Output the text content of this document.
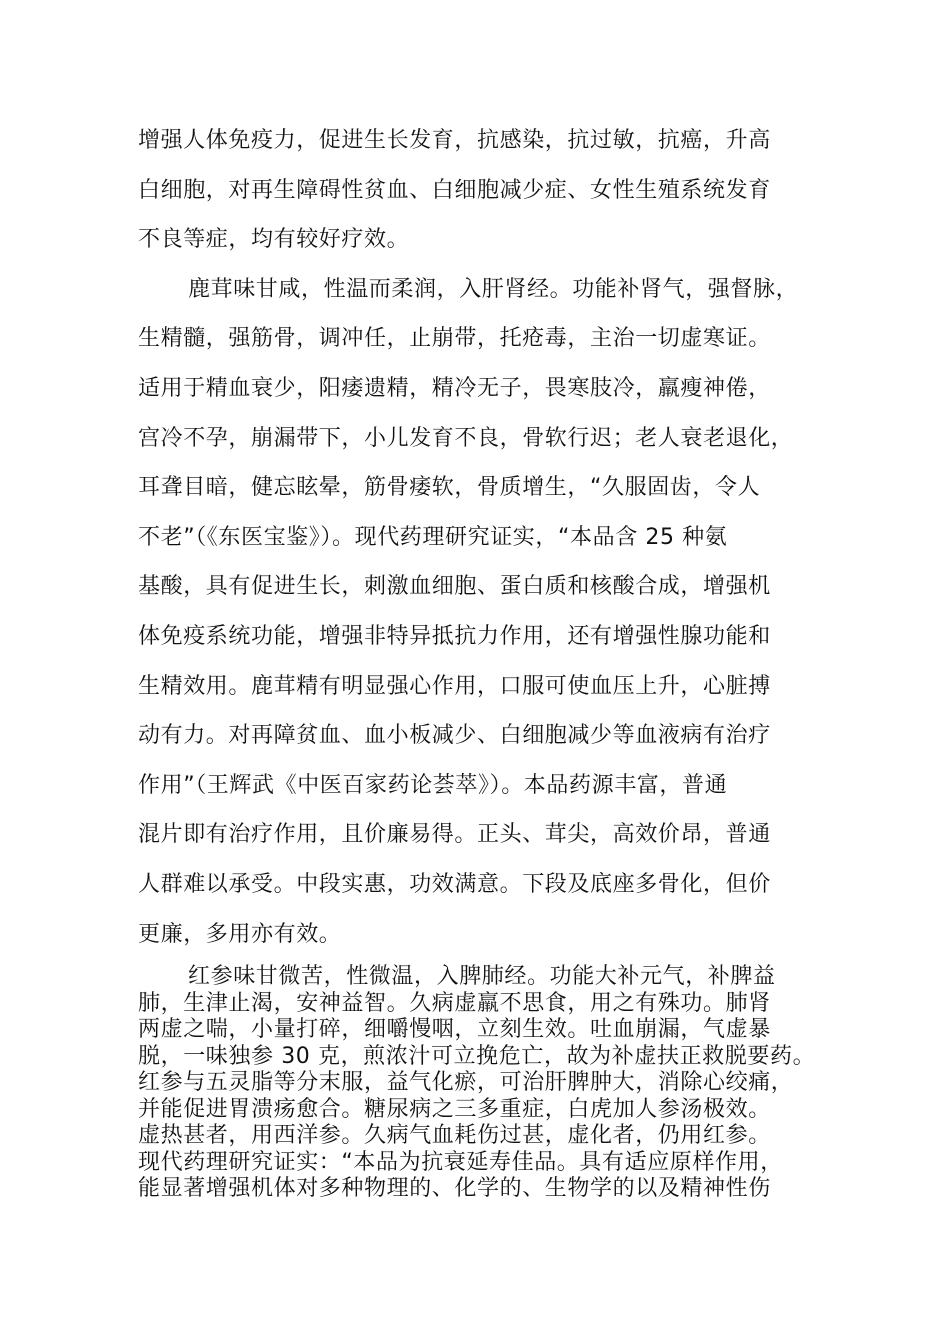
增强人体免疫力，促进生长发育，抗感染，抗过敏，抗癌，升高
白细胞，对再生障碍性贫血、白细胞减少症、女性生殖系统发育
不良等症，均有较好疗效。
鹿茸味甘咸，性温而柔润，入肝肾经。功能补肾气，强督脉，
生精髓，强筋骨，调冲任，止崩带，托疮毒，主治一切虚寒证。
适用于精血衰少，阳痿遗精，精冷无子，畏寒肢冷，羸瘦神倦，
宫冷不孕，崩漏带下，小儿发育不良，骨软行迟；老人衰老退化，
耳聋目暗，健忘眩晕，筋骨痿软，骨质增生，“久服固齿，令人
不老”（《东医宝鉴》）。现代药理研究证实，“本品含 25 种氨
基酸，具有促进生长，刺激血细胞、蛋白质和核酸合成，增强机
体免疫系统功能，增强非特异抵抗力作用，还有增强性腺功能和
生精效用。鹿茸精有明显强心作用，口服可使血压上升，心脏搏
动有力。对再障贫血、血小板减少、白细胞减少等血液病有治疗
作用”（王辉武《中医百家药论荟萃》）。本品药源丰富，普通
混片即有治疗作用，且价廉易得。正头、茸尖，高效价昂，普通
人群难以承受。中段实惠，功效满意。下段及底座多骨化，但价
更廉，多用亦有效。
红参味甘微苦，性微温，入脾肺经。功能大补元气，补脾益
肺，生津止渴，安神益智。久病虚羸不思食，用之有殊功。肺肾
两虚之喘，小量打碎，细嚼慢咽，立刻生效。吐血崩漏，气虚暴
脱，一味独参 30 克，煎浓汁可立挽危亡，故为补虚扶正救脱要药。
红参与五灵脂等分末服，益气化瘀，可治肝脾肿大，消除心绞痛，
并能促进胃溃疡愈合。糖尿病之三多重症，白虎加人参汤极效。
虚热甚者，用西洋参。久病气血耗伤过甚，虚化者，仍用红参。
现代药理研究证实：“本品为抗衰延寿佳品。具有适应原样作用，
能显著增强机体对多种物理的、化学的、生物学的以及精神性伤
